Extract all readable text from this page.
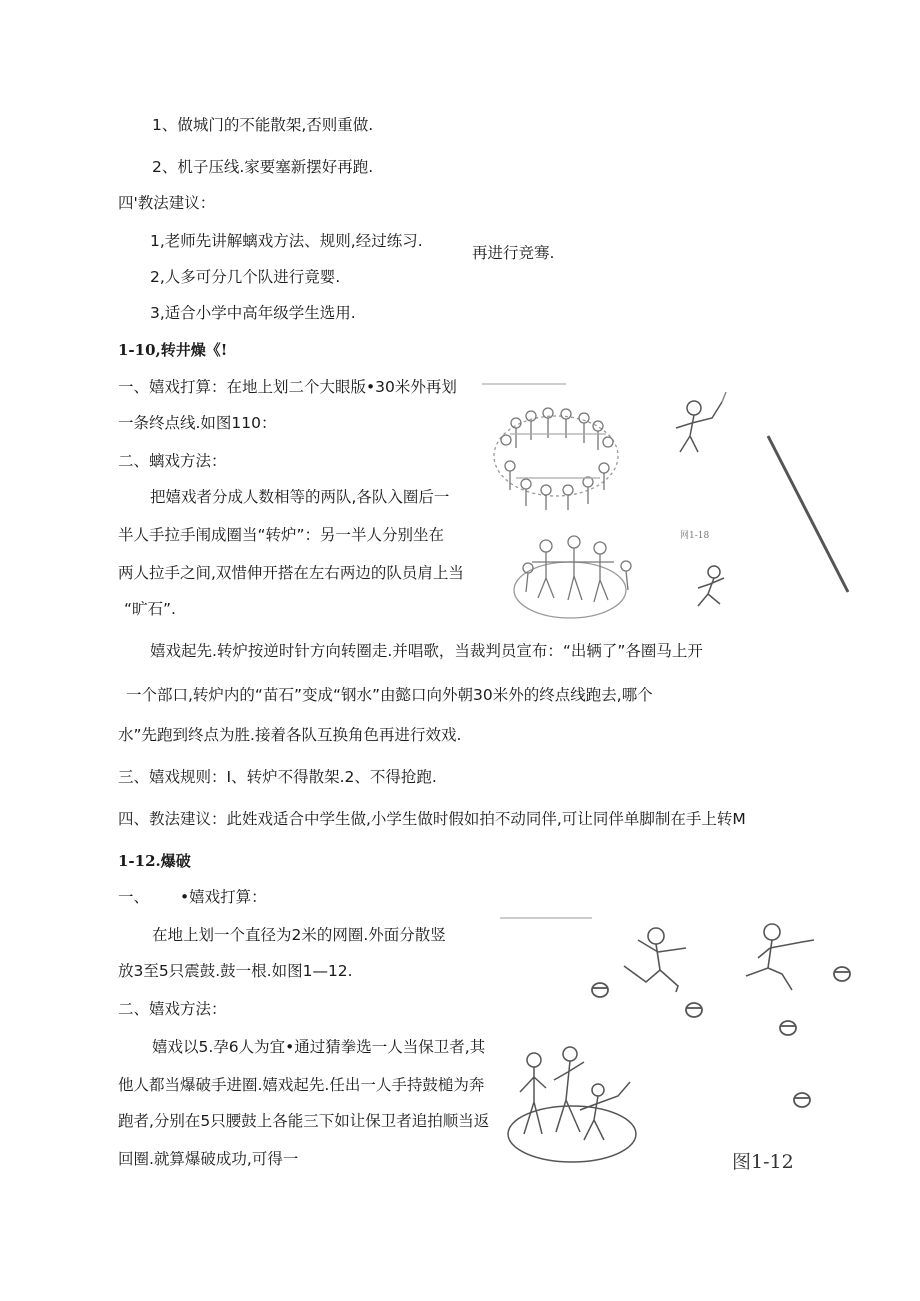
1、做城门的不能散架,否则重做.
2、机子压线.家要塞新摆好再跑.
四'教法建议：
1,老师先讲解螭戏方法、规则,经过练习.
再进行竞骞.
2,人多可分几个队进行竟婴.
3,适合小学中高年级学生选用.
1-10,转井燥《!
一、嬉戏打算：在地上划二个大眼版•30米外再划
一条终点线.如图110：
二、螭戏方法：
把嬉戏者分成人数相等的两队,各队入圈后一
半人手拉手闱成圈当“转炉”：另一半人分别坐在
两人拉手之间,双惜伸开搭在左右两边的队员肩上当
“旷石”.
嬉戏起先.转炉按逆时针方向转圈走.并唱歌，当裁判员宣布：“出辆了”各圈马上开
一个部口,转炉内的“苗石”变成“钢水”由懿口向外朝30米外的终点线跑去,哪个
水”先跑到终点为胜.接着各队互换角色再进行效戏.
三、嬉戏规则：I、转炉不得散架.2、不得抢跑.
四、教法建议：此姓戏适合中学生做,小学生做时假如拍不动同伴,可让同伴单脚制在手上转M
1-12.爆破
一、 •嬉戏打算：
在地上划一个直径为2米的网圈.外面分散竖
放3至5只震鼓.鼓一根.如图1—12.
二、嬉戏方法：
嬉戏以5.孕6人为宜•通过猜拳选一人当保卫者,其
他人都当爆破手进圈.嬉戏起先.任出一人手持鼓槌为奔
跑者,分别在5只腰鼓上各能三下如让保卫者追拍顺当返
回圈.就算爆破成功,可得一
网1-18
图1-12
